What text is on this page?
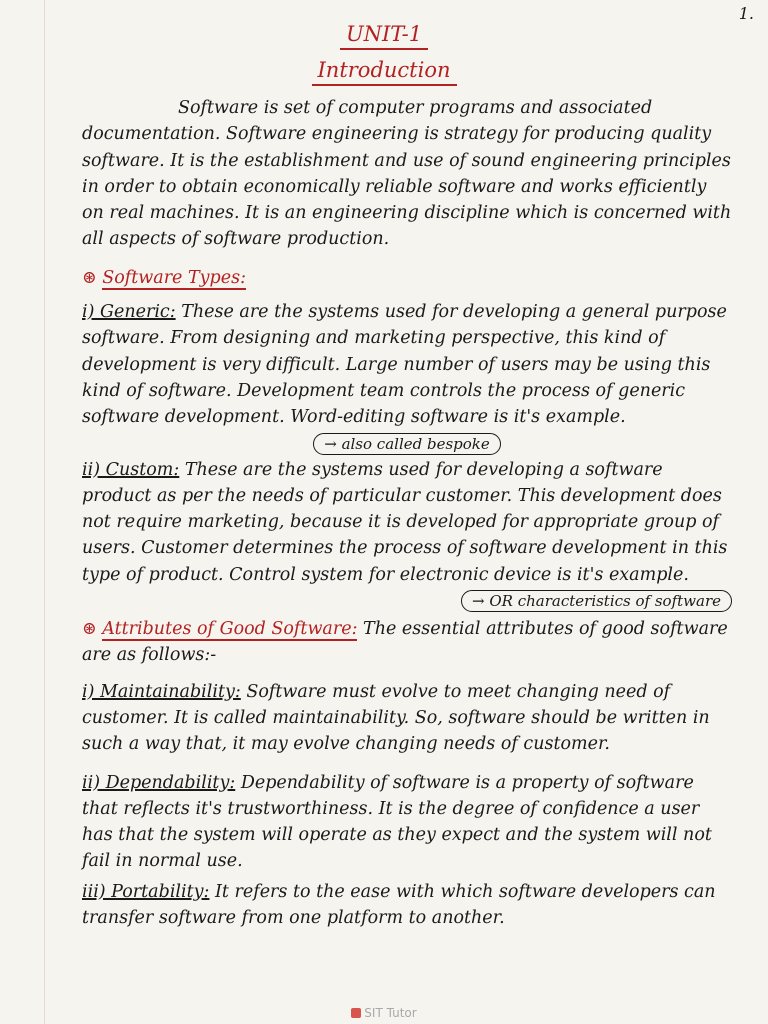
1.
UNIT-1
Introduction

Software is set of computer programs and associated documentation. Software engineering is strategy for producing quality software. It is the establishment and use of sound engineering principles in order to obtain economically reliable software and works efficiently on real machines. It is an engineering discipline which is concerned with all aspects of software production.

⊛ Software Types:

i) Generic: These are the systems used for developing a general purpose software. From designing and marketing perspective, this kind of development is very difficult. Large number of users may be using this kind of software. Development team controls the process of generic software development. Word-editing software is it's example.

→ also called bespoke

ii) Custom: These are the systems used for developing a software product as per the needs of particular customer. This development does not require marketing, because it is developed for appropriate group of users. Customer determines the process of software development in this type of product. Control system for electronic device is it's example.

→ OR characteristics of software

⊛ Attributes of Good Software: The essential attributes of good software are as follows:-

i) Maintainability: Software must evolve to meet changing need of customer. It is called maintainability. So, software should be written in such a way that, it may evolve changing needs of customer.

ii) Dependability: Dependability of software is a property of software that reflects it's trustworthiness. It is the degree of confidence a user has that the system will operate as they expect and the system will not fail in normal use.

iii) Portability: It refers to the ease with which software developers can transfer software from one platform to another.

SIT Tutor
